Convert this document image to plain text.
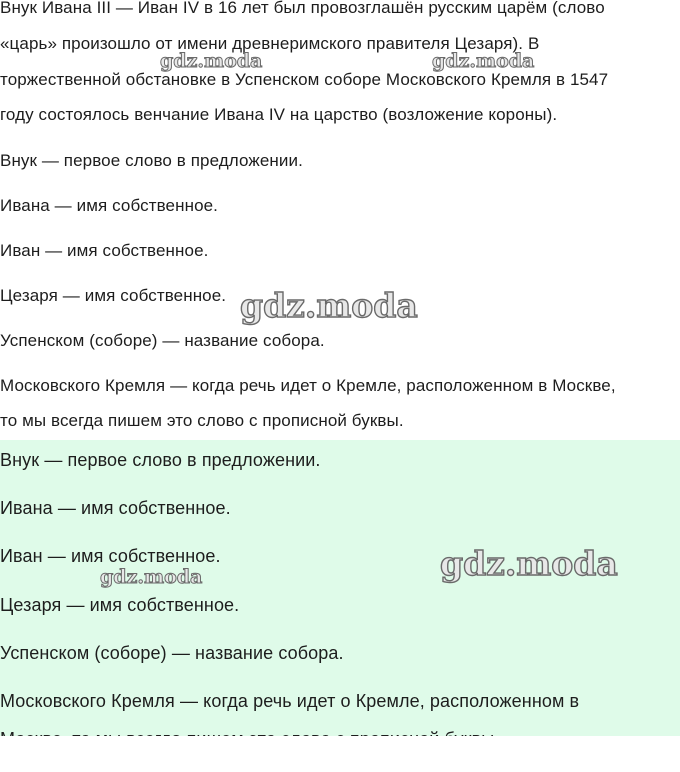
Внук Ивана III — Иван IV в 16 лет был провозглашён русским царём (слово
«царь» произошло от имени древнеримского правителя Цезаря). В
торжественной обстановке в Успенском соборе Московского Кремля в 1547
году состоялось венчание Ивана IV на царство (возложение короны).
Внук — первое слово в предложении.
Ивана — имя собственное.
Иван — имя собственное.
Цезаря — имя собственное.
Успенском (соборе) — название собора.
Московского Кремля — когда речь идет о Кремле, расположенном в Москве,
то мы всегда пишем это слово с прописной буквы.
Внук — первое слово в предложении.
Ивана — имя собственное.
Иван — имя собственное.
Цезаря — имя собственное.
Успенском (соборе) — название собора.
Московского Кремля — когда речь идет о Кремле, расположенном в
gdz.moda	gdz.moda
gdz.moda
gdz.moda	gdz.moda
